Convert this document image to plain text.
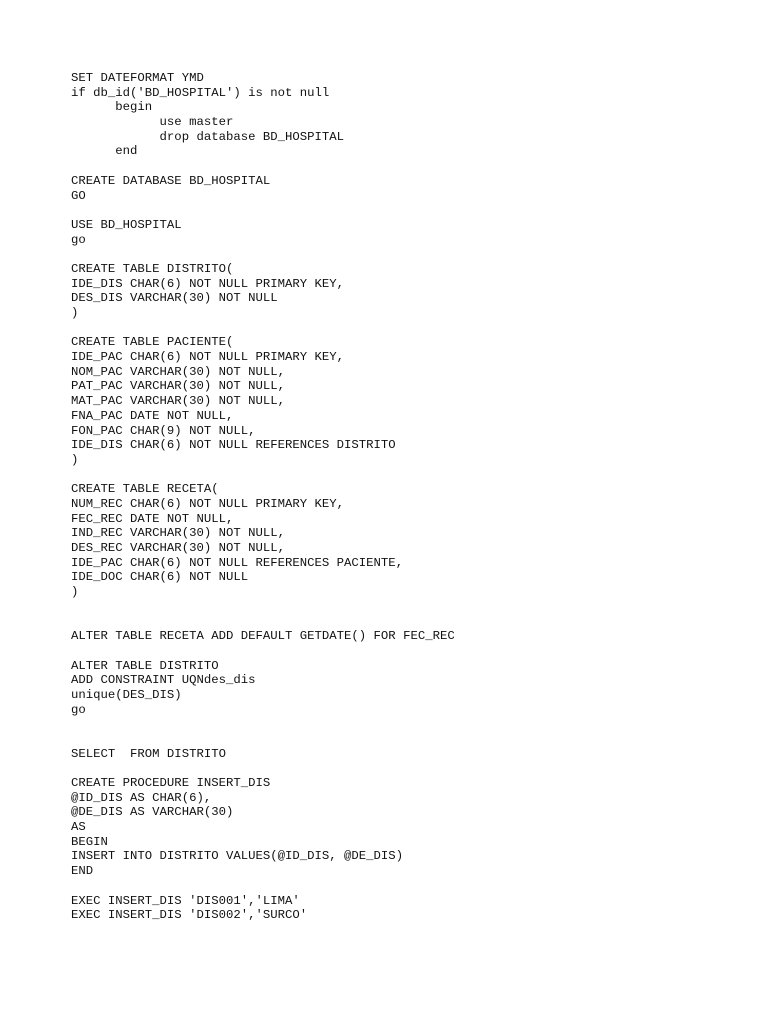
SET DATEFORMAT YMD
if db_id('BD_HOSPITAL') is not null
begin
use master
drop database BD_HOSPITAL
end
CREATE DATABASE BD_HOSPITAL
GO
USE BD_HOSPITAL
go
CREATE TABLE DISTRITO(
IDE_DIS CHAR(6) NOT NULL PRIMARY KEY,
DES_DIS VARCHAR(30) NOT NULL
)
CREATE TABLE PACIENTE(
IDE_PAC CHAR(6) NOT NULL PRIMARY KEY,
NOM_PAC VARCHAR(30) NOT NULL,
PAT_PAC VARCHAR(30) NOT NULL,
MAT_PAC VARCHAR(30) NOT NULL,
FNA_PAC DATE NOT NULL,
FON_PAC CHAR(9) NOT NULL,
IDE_DIS CHAR(6) NOT NULL REFERENCES DISTRITO
)
CREATE TABLE RECETA(
NUM_REC CHAR(6) NOT NULL PRIMARY KEY,
FEC_REC DATE NOT NULL,
IND_REC VARCHAR(30) NOT NULL,
DES_REC VARCHAR(30) NOT NULL,
IDE_PAC CHAR(6) NOT NULL REFERENCES PACIENTE,
IDE_DOC CHAR(6) NOT NULL
)
ALTER TABLE RECETA ADD DEFAULT GETDATE() FOR FEC_REC
ALTER TABLE DISTRITO
ADD CONSTRAINT UQNdes_dis
unique(DES_DIS)
go
SELECT  FROM DISTRITO
CREATE PROCEDURE INSERT_DIS
@ID_DIS AS CHAR(6),
@DE_DIS AS VARCHAR(30)
AS
BEGIN
INSERT INTO DISTRITO VALUES(@ID_DIS, @DE_DIS)
END
EXEC INSERT_DIS 'DIS001','LIMA'
EXEC INSERT_DIS 'DIS002','SURCO'
